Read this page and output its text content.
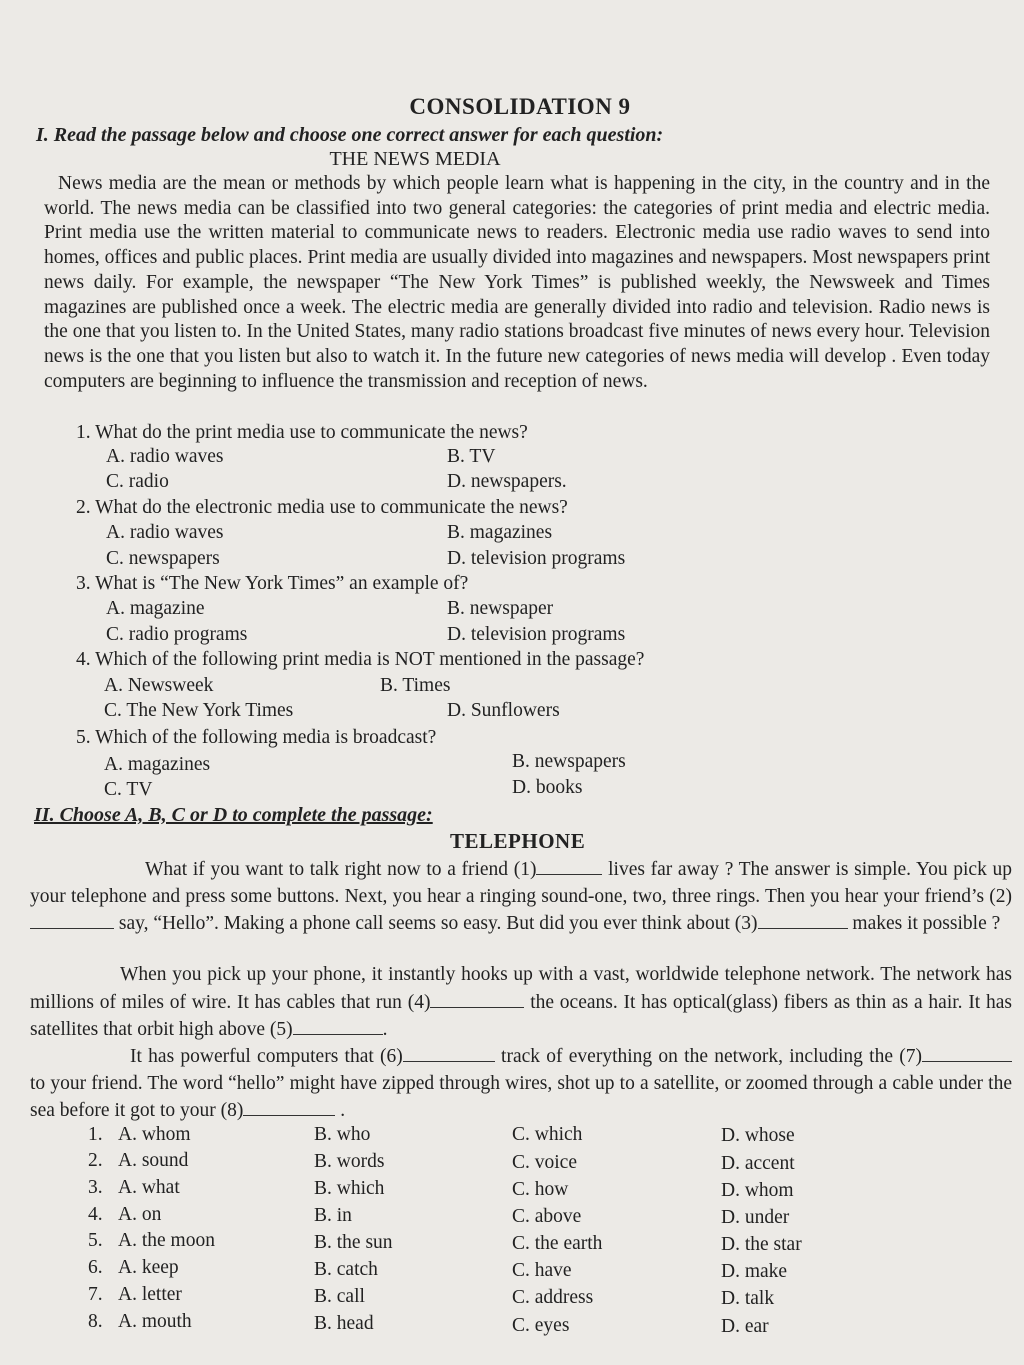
CONSOLIDATION 9
I. Read the passage below and choose one correct answer for each question:
THE NEWS MEDIA
News media are the mean or methods by which people learn what is happening in the city, in the country and in the world. The news media can be classified into two general categories: the categories of print media and electric media. Print media use the written material to communicate news to readers. Electronic media use radio waves to send into homes, offices and public places. Print media are usually divided into magazines and newspapers. Most newspapers print news daily. For example, the newspaper “The New York Times” is published weekly, the Newsweek and Times magazines are published once a week. The electric media are generally divided into radio and television. Radio news is the one that you listen to. In the United States, many radio stations broadcast five minutes of news every hour. Television news is the one that you listen but also to watch it. In the future new categories of news media will develop . Even today computers are beginning to influence the transmission and reception of news.
1. What do the print media use to communicate the news?
A. radio waves	B. TV
C. radio	D. newspapers.
2. What do the electronic media use to communicate the news?
A. radio waves	B. magazines
C. newspapers	D. television programs
3. What is “The New York Times” an example of?
A. magazine	B. newspaper
C. radio programs	D. television programs
4. Which of the following print media is NOT mentioned in the passage?
A. Newsweek	B. Times
C. The New York Times	D. Sunflowers
5. Which of the following media is broadcast?
A. magazines	B. newspapers
C. TV	D. books
II. Choose A, B, C or D to complete the passage:
TELEPHONE
What if you want to talk right now to a friend (1)	lives far away ? The answer is simple. You pick up your telephone and press some buttons. Next, you hear a ringing sound-one, two, three rings. Then you hear your friend’s (2) say, “Hello”. Making a phone call seems so easy. But did you ever think about (3)	makes it possible ?
When you pick up your phone, it instantly hooks up with a vast, worldwide telephone network. The network has millions of miles of wire. It has cables that run (4)	the oceans. It has optical(glass) fibers as thin as a hair. It has satellites that orbit high above (5)	.
It has powerful computers that (6)	track of everything on the network, including the (7) to your friend. The word “hello” might have zipped through wires, shot up to a satellite, or zoomed through a cable under the sea before it got to your (8)	.
1. A. whom	B. who	C. which	D. whose
2. A. sound	B. words	C. voice	D. accent
3. A. what	B. which	C. how	D. whom
4. A. on	B. in	C. above	D. under
5. A. the moon	B. the sun	C. the earth	D. the star
6. A. keep	B. catch	C. have	D. make
7. A. letter	B. call	C. address	D. talk
8. A. mouth	B. head	C. eyes	D. ear
